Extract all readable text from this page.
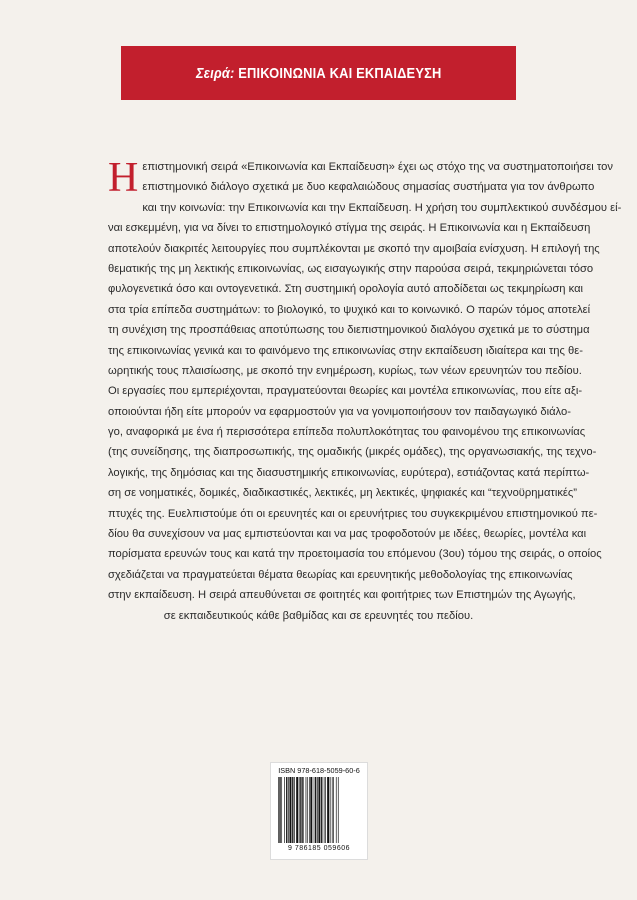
Σειρά: ΕΠΙΚΟΙΝΩΝΙΑ ΚΑΙ ΕΚΠΑΙΔΕΥΣΗ
Η επιστημονική σειρά «Επικοινωνία και Εκπαίδευση» έχει ως στόχο της να συστηματοποιήσει τον
επιστημονικό διάλογο σχετικά με δυο κεφαλαιώδους σημασίας συστήματα για τον άνθρωπο
και την κοινωνία: την Επικοινωνία και την Εκπαίδευση. Η χρήση του συμπλεκτικού συνδέσμου εί-
ναι εσκεμμένη, για να δίνει το επιστημολογικό στίγμα της σειράς. Η Επικοινωνία και η Εκπαίδευση
αποτελούν διακριτές λειτουργίες που συμπλέκονται με σκοπό την αμοιβαία ενίσχυση. Η επιλογή της
θεματικής της μη λεκτικής επικοινωνίας, ως εισαγωγικής στην παρούσα σειρά, τεκμηριώνεται τόσο
φυλογενετικά όσο και οντογενετικά. Στη συστημική ορολογία αυτό αποδίδεται ως τεκμηρίωση και
στα τρία επίπεδα συστημάτων: το βιολογικό, το ψυχικό και το κοινωνικό. Ο παρών τόμος αποτελεί
τη συνέχιση της προσπάθειας αποτύπωσης του διεπιστημονικού διαλόγου σχετικά με το σύστημα
της επικοινωνίας γενικά και το φαινόμενο της επικοινωνίας στην εκπαίδευση ιδιαίτερα και της θε-
ωρητικής τους πλαισίωσης, με σκοπό την ενημέρωση, κυρίως, των νέων ερευνητών του πεδίου.
Οι εργασίες που εμπεριέχονται, πραγματεύονται θεωρίες και μοντέλα επικοινωνίας, που είτε αξι-
οποιούνται ήδη είτε μπορούν να εφαρμοστούν για να γονιμοποιήσουν τον παιδαγωγικό διάλο-
γο, αναφορικά με ένα ή περισσότερα επίπεδα πολυπλοκότητας του φαινομένου της επικοινωνίας
(της συνείδησης, της διαπροσωπικής, της ομαδικής (μικρές ομάδες), της οργανωσιακής, της τεχνο-
λογικής, της δημόσιας και της διασυστημικής επικοινωνίας, ευρύτερα), εστιάζοντας κατά περίπτω-
ση σε νοηματικές, δομικές, διαδικαστικές, λεκτικές, μη λεκτικές, ψηφιακές και “τεχνοϋρηματικές”
πτυχές της. Ευελπιστούμε ότι οι ερευνητές και οι ερευνήτριες του συγκεκριμένου επιστημονικού πε-
δίου θα συνεχίσουν να μας εμπιστεύονται και να μας τροφοδοτούν με ιδέες, θεωρίες, μοντέλα και
πορίσματα ερευνών τους και κατά την προετοιμασία του επόμενου (3ου) τόμου της σειράς, ο οποίος
σχεδιάζεται να πραγματεύεται θέματα θεωρίας και ερευνητικής μεθοδολογίας της επικοινωνίας
στην εκπαίδευση. Η σειρά απευθύνεται σε φοιτητές και φοιτήτριες των Επιστημών της Αγωγής,
σε εκπαιδευτικούς κάθε βαθμίδας και σε ερευνητές του πεδίου.
ISBN 978-618-5059-60-6
9 786185 059606
